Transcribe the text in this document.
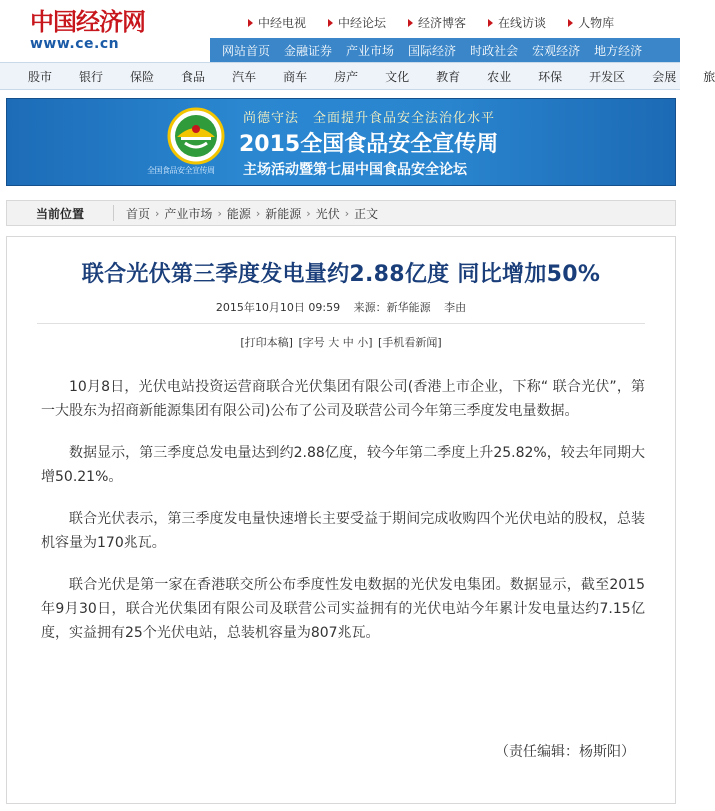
中国经济网
www.ce.cn
中经电视	中经论坛	经济博客	在线访谈	人物库
网站首页 金融证券 产业市场 国际经济 时政社会 宏观经济 地方经济
股市 银行 保险 食品 汽车 商车 房产 文化 教育 农业 环保 开发区 会展 旅
全国食品安全宣传周
尚德守法　全面提升食品安全法治化水平
2015全国食品安全宣传周
主场活动暨第七届中国食品安全论坛
当前位置	首页 › 产业市场 › 能源 › 新能源 › 光伏 › 正文
联合光伏第三季度发电量约2.88亿度 同比增加50%
2015年10月10日 09:59 来源：新华能源 李由
[打印本稿] [字号 大 中 小] [手机看新闻]

10月8日，光伏电站投资运营商联合光伏集团有限公司(香港上市企业，下称“ 联合光伏”，第一大股东为招商新能源集团有限公司)公布了公司及联营公司今年第三季度发电量数据。

数据显示，第三季度总发电量达到约2.88亿度，较今年第二季度上升25.82%，较去年同期大增50.21%。

联合光伏表示，第三季度发电量快速增长主要受益于期间完成收购四个光伏电站的股权，总装机容量为170兆瓦。

联合光伏是第一家在香港联交所公布季度性发电数据的光伏发电集团。数据显示，截至2015年9月30日，联合光伏集团有限公司及联营公司实益拥有的光伏电站今年累计发电量达约7.15亿度，实益拥有25个光伏电站，总装机容量为807兆瓦。

（责任编辑：杨斯阳）
